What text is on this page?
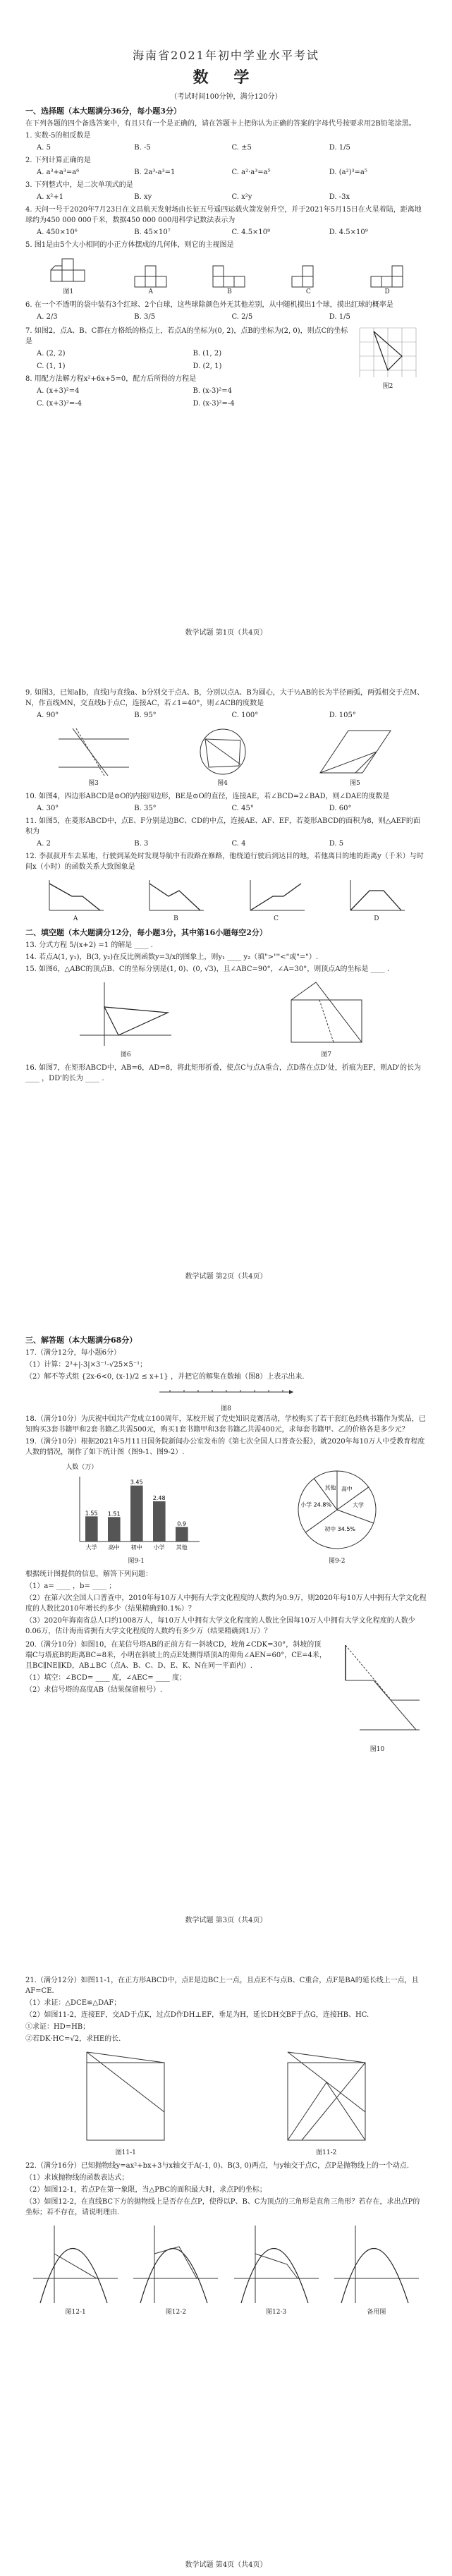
海南省2021年初中学业水平考试
数 学
（考试时间100分钟，满分120分）
一、选择题（本大题满分36分，每小题3分）
在下列各题的四个备选答案中，有且只有一个是正确的，请在答题卡上把你认为正确的答案的字母代号按要求用2B铅笔涂黑。
1. 实数-5的相反数是
A. 5	B. -5	C. ±5	D. 1/5
2. 下列计算正确的是
A. a³+a³=a⁶	B. 2a³-a³=1	C. a²·a³=a⁵	D. (a²)³=a⁵
3. 下列整式中，是二次单项式的是
A. x²+1	B. xy	C. x²y	D. -3x
4. 天问一号于2020年7月23日在文昌航天发射场由长征五号遥四运载火箭发射升空，并于2021年5月15日在火星着陆，距离地球约为450 000 000千米，数据450 000 000用科学记数法表示为
A. 450×10⁶	B. 45×10⁷	C. 4.5×10⁸	D. 4.5×10⁹
5. 图1是由5个大小相同的小正方体摆成的几何体，则它的主视图是
图1	A	B	C	D
6. 在一个不透明的袋中装有3个红球、2个白球，这些球除颜色外无其他差别，从中随机摸出1个球，摸出红球的概率是
A. 2/3	B. 3/5	C. 2/5	D. 1/5
7. 如图2，点A、B、C都在方格纸的格点上，若点A的坐标为(0, 2)，点B的坐标为(2, 0)，则点C的坐标是
A. (2, 2)	B. (1, 2)
C. (1, 1)	D. (2, 1)
8. 用配方法解方程x²+6x+5=0，配方后所得的方程是
A. (x+3)²=4	B. (x-3)²=4
C. (x+3)²=-4	D. (x-3)²=-4
图2
数学试题 第1页（共4页）
9. 如图3，已知a∥b，直线l与直线a、b分别交于点A、B，分别以点A、B为圆心，大于½AB的长为半径画弧，两弧相交于点M、N，作直线MN，交直线b于点C，连接AC，若∠1=40°，则∠ACB的度数是
A. 90°	B. 95°	C. 100°	D. 105°
图3	图4	图5
10. 如图4，四边形ABCD是⊙O的内接四边形，BE是⊙O的直径，连接AE，若∠BCD=2∠BAD，则∠DAE的度数是
A. 30°	B. 35°	C. 45°	D. 60°
11. 如图5，在菱形ABCD中，点E、F分别是边BC、CD的中点，连接AE、AF、EF，若菱形ABCD的面积为8，则△AEF的面积为
A. 2	B. 3	C. 4	D. 5
12. 李叔叔开车去某地，行驶到某处时发现导航中有段路在修路，他绕道行驶后到达目的地，若他离目的地的距离y（千米）与时间x（小时）的函数关系大致图象是
A	B	C	D
二、填空题（本大题满分12分，每小题3分，其中第16小题每空2分）
13. 分式方程 5/(x+2) =1 的解是 ____ .
14. 若点A(1, y₁)，B(3, y₂)在反比例函数y=3/x的图象上，则y₁ ____ y₂（填">""<"或"="）.
15. 如图6，△ABC的顶点B、C的坐标分别是(1, 0)、(0, √3)，且∠ABC=90°，∠A=30°，则顶点A的坐标是 ____ .
图6	图7
16. 如图7，在矩形ABCD中，AB=6，AD=8，将此矩形折叠，使点C与点A重合，点D落在点D'处，折痕为EF，则AD'的长为 ____ ，DD'的长为 ____ .
数学试题 第2页（共4页）
三、解答题（本大题满分68分）
17.（满分12分，每小题6分）
（1）计算：2³+|-3|×3⁻¹-√25×5⁻¹；
（2）解不等式组 {2x-6<0, (x-1)/2 ≤ x+1} ，并把它的解集在数轴（图8）上表示出来.
图8
18.（满分10分）为庆祝中国共产党成立100周年，某校开展了党史知识竞赛活动，学校购买了若干套红色经典书籍作为奖品，已知购买3套书籍甲和2套书籍乙共需500元，购买1套书籍甲和3套书籍乙共需400元，求每套书籍甲、乙的价格各是多少元？
19.（满分10分）根据2021年5月11日国务院新闻办公室发布的《第七次全国人口普查公报》，就2020年每10万人中受教育程度人数的情况，制作了如下统计图（图9-1、图9-2）.
人数（万）
1.55
大学
1.51
高中
3.45
初中
2.48
小学
0.9
其他
图9-1
高中
大学
初中 34.5%
小学 24.8%
其他
图9-2
根据统计图提供的信息，解答下列问题：
（1）a= ____ ，b= ____ ；
（2）在第六次全国人口普查中，2010年每10万人中拥有大学文化程度的人数约为0.9万，则2020年每10万人中拥有大学文化程度的人数比2010年增长约多少（结果精确到0.1%）？
（3）2020年海南省总人口约1008万人，每10万人中拥有大学文化程度的人数比全国每10万人中拥有大学文化程度的人数少0.06万，估计海南省拥有大学文化程度的人数约有多少万（结果精确到1万）？
20.（满分10分）如图10，在某信号塔AB的正前方有一斜坡CD，坡角∠CDK=30°，斜坡的顶端C与塔底B的距离BC=8米，小明在斜坡上的点E处测得塔顶A的仰角∠AEN=60°，CE=4米，且BC∥NE∥KD，AB⊥BC（点A、B、C、D、E、K、N在同一平面内）.
（1）填空：∠BCD= ____ 度，∠AEC= ____ 度；
（2）求信号塔的高度AB（结果保留根号）.
图10
数学试题 第3页（共4页）
21.（满分12分）如图11-1，在正方形ABCD中，点E是边BC上一点，且点E不与点B、C重合，点F是BA的延长线上一点，且AF=CE.
（1）求证：△DCE≌△DAF；
（2）如图11-2，连接EF，交AD于点K，过点D作DH⊥EF，垂足为H，延长DH交BF于点G，连接HB、HC.
①求证：HD=HB；
②若DK·HC=√2，求HE的长.
图11-1	图11-2
22.（满分16分）已知抛物线y=ax²+bx+3与x轴交于A(-1, 0)、B(3, 0)两点，与y轴交于点C，点P是抛物线上的一个动点.
（1）求该抛物线的函数表达式；
（2）如图12-1，若点P在第一象限，当△PBC的面积最大时，求点P的坐标；
（3）如图12-2，在直线BC下方的抛物线上是否存在点P，使得以P、B、C为顶点的三角形是直角三角形？若存在，求出点P的坐标；若不存在，请说明理由.
图12-1	图12-2	图12-3	备用图
数学试题 第4页（共4页）
